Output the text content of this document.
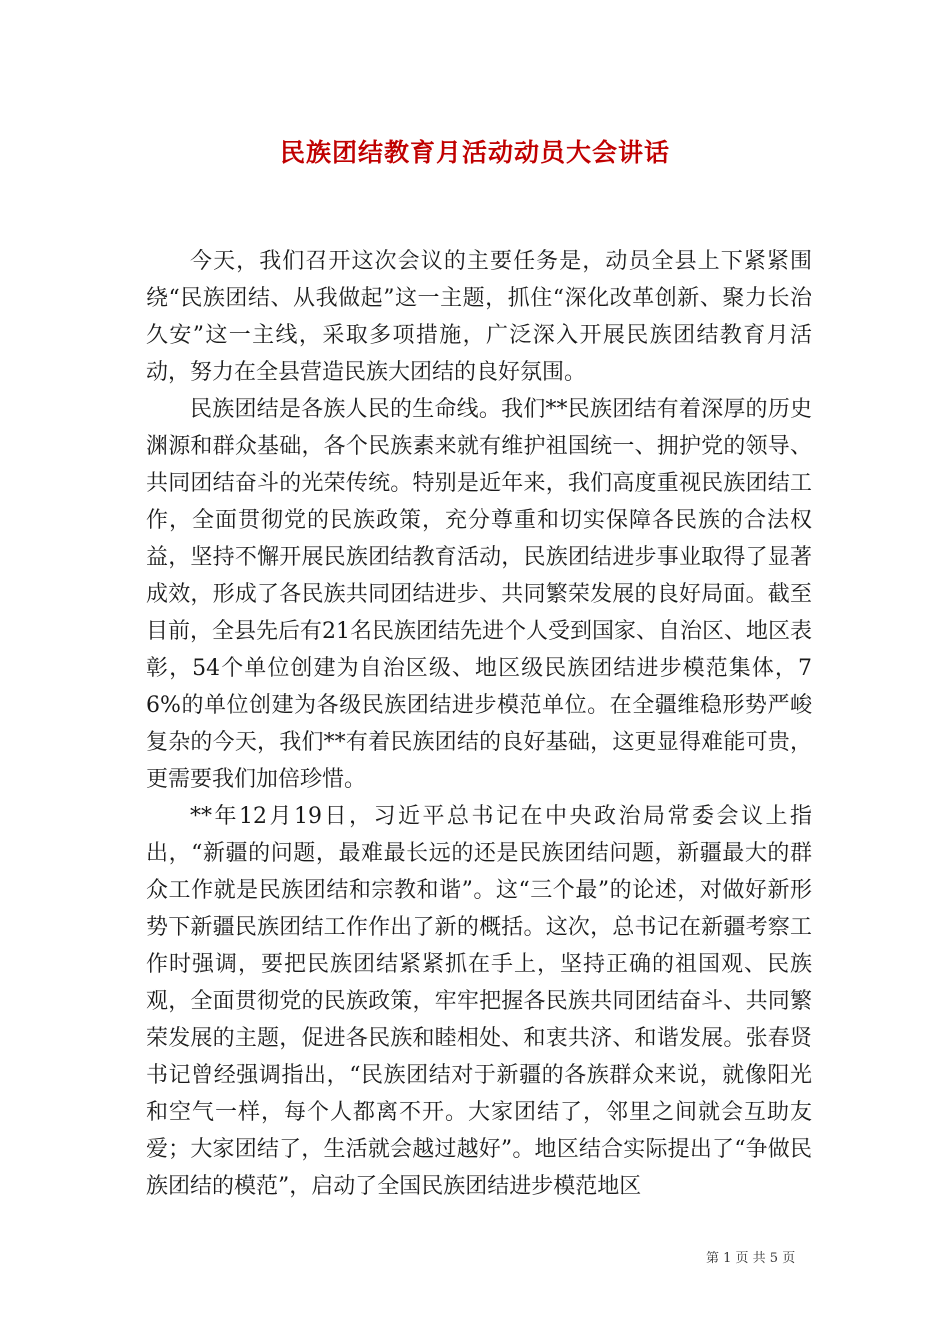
民族团结教育月活动动员大会讲话

今天，我们召开这次会议的主要任务是，动员全县上下紧紧围绕“民族团结、从我做起”这一主题，抓住“深化改革创新、聚力长治久安”这一主线，采取多项措施，广泛深入开展民族团结教育月活动，努力在全县营造民族大团结的良好氛围。

民族团结是各族人民的生命线。我们**民族团结有着深厚的历史渊源和群众基础，各个民族素来就有维护祖国统一、拥护党的领导、共同团结奋斗的光荣传统。特别是近年来，我们高度重视民族团结工作，全面贯彻党的民族政策，充分尊重和切实保障各民族的合法权益，坚持不懈开展民族团结教育活动，民族团结进步事业取得了显著成效，形成了各民族共同团结进步、共同繁荣发展的良好局面。截至目前，全县先后有21名民族团结先进个人受到国家、自治区、地区表彰，54个单位创建为自治区级、地区级民族团结进步模范集体，76%的单位创建为各级民族团结进步模范单位。在全疆维稳形势严峻复杂的今天，我们**有着民族团结的良好基础，这更显得难能可贵，更需要我们加倍珍惜。

**年12月19日，习近平总书记在中央政治局常委会议上指出，“新疆的问题，最难最长远的还是民族团结问题，新疆最大的群众工作就是民族团结和宗教和谐”。这“三个最”的论述，对做好新形势下新疆民族团结工作作出了新的概括。这次，总书记在新疆考察工作时强调，要把民族团结紧紧抓在手上，坚持正确的祖国观、民族观，全面贯彻党的民族政策，牢牢把握各民族共同团结奋斗、共同繁荣发展的主题，促进各民族和睦相处、和衷共济、和谐发展。张春贤书记曾经强调指出，“民族团结对于新疆的各族群众来说，就像阳光和空气一样，每个人都离不开。大家团结了，邻里之间就会互助友爱；大家团结了，生活就会越过越好”。地区结合实际提出了“争做民族团结的模范”，启动了全国民族团结进步模范地区

第 1 页 共 5 页
